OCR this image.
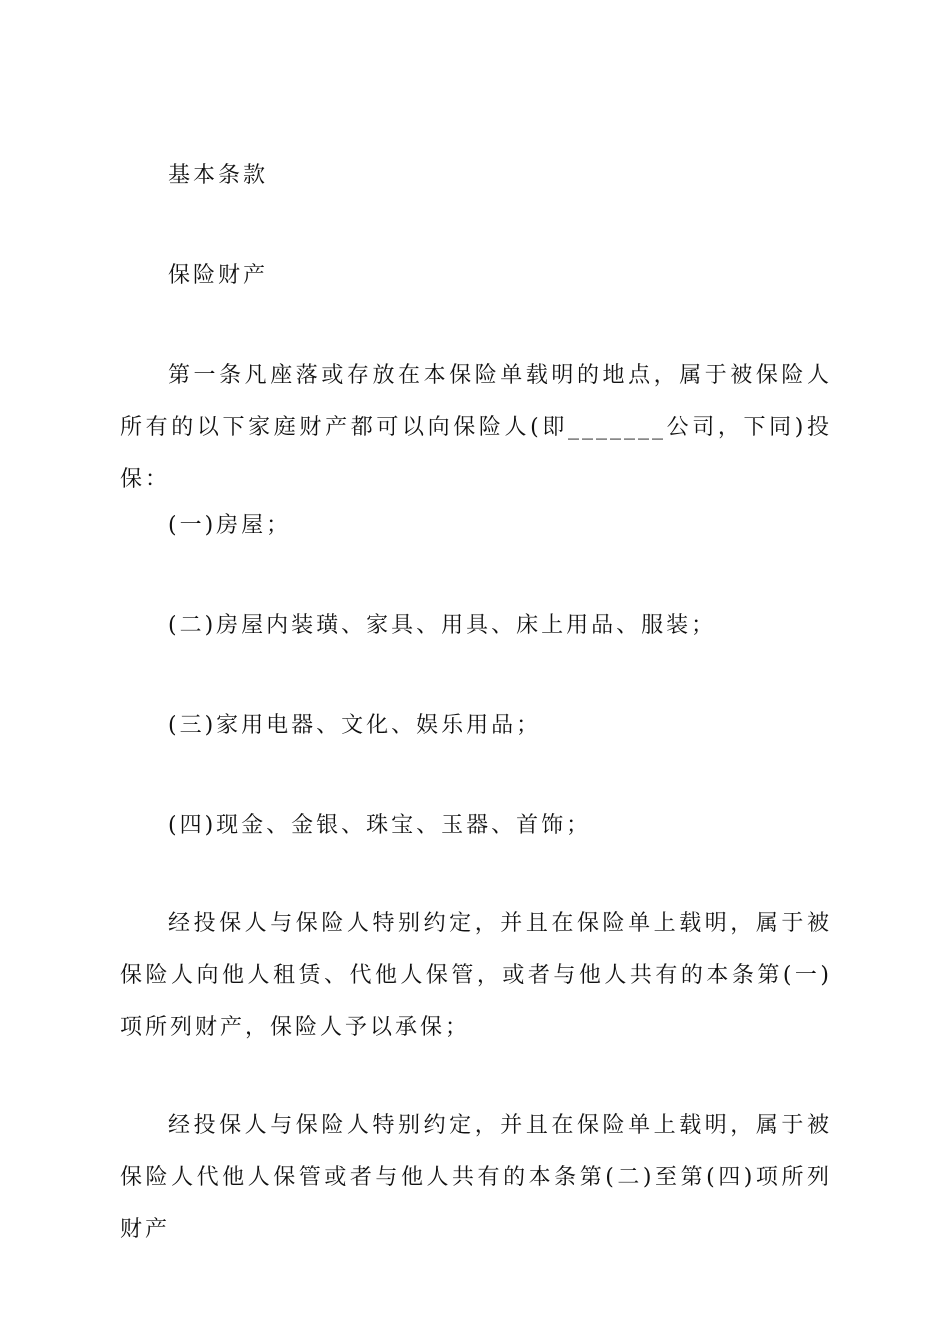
基本条款
保险财产
第一条凡座落或存放在本保险单载明的地点，属于被保险人所有的以下家庭财产都可以向保险人(即_______公司，下同)投保：
(一)房屋；
(二)房屋内装璜、家具、用具、床上用品、服装；
(三)家用电器、文化、娱乐用品；
(四)现金、金银、珠宝、玉器、首饰；
经投保人与保险人特别约定，并且在保险单上载明，属于被保险人向他人租赁、代他人保管，或者与他人共有的本条第(一)项所列财产，保险人予以承保；
经投保人与保险人特别约定，并且在保险单上载明，属于被保险人代他人保管或者与他人共有的本条第(二)至第(四)项所列财产
